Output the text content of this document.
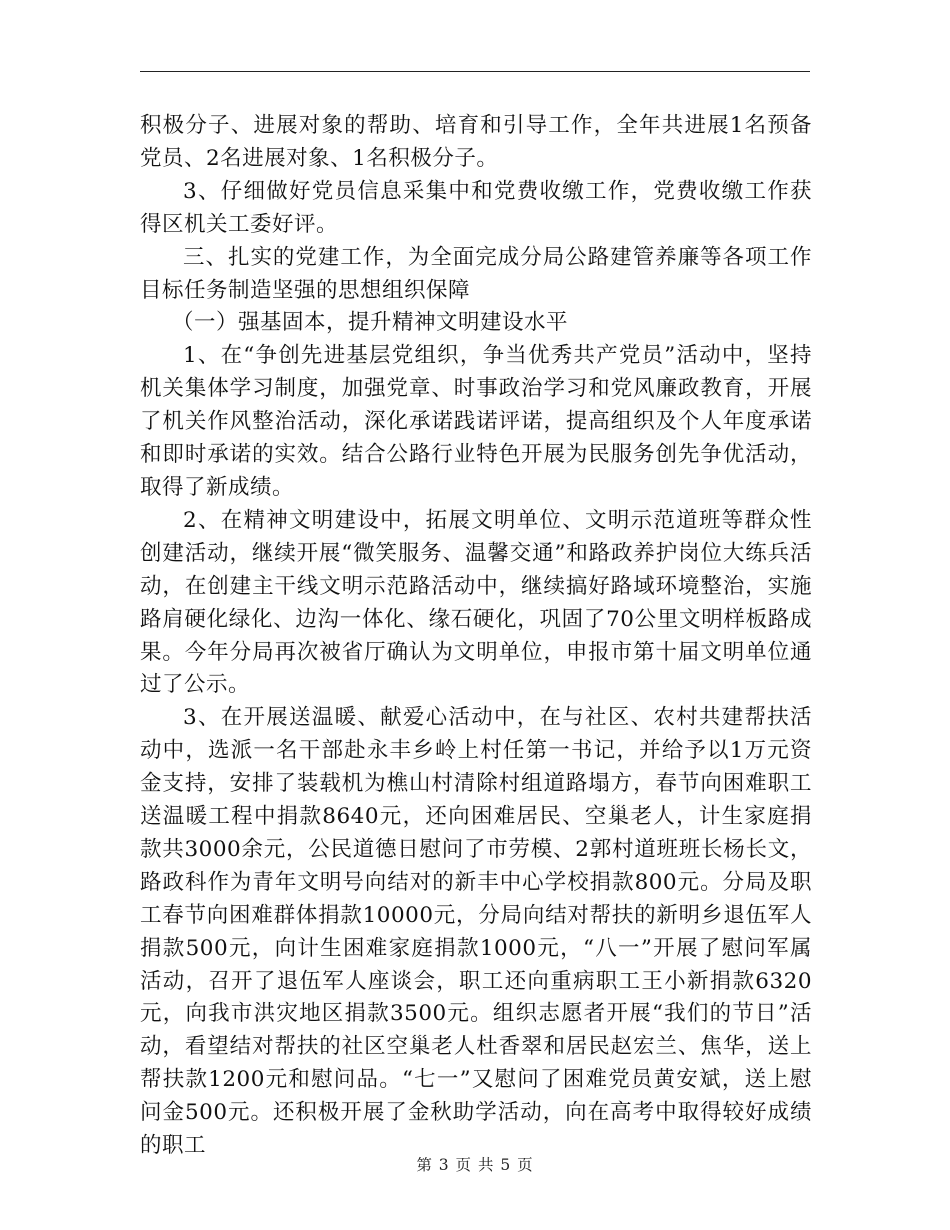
积极分子、进展对象的帮助、培育和引导工作，全年共进展1名预备党员、2名进展对象、1名积极分子。

3、仔细做好党员信息采集中和党费收缴工作，党费收缴工作获得区机关工委好评。

三、扎实的党建工作，为全面完成分局公路建管养廉等各项工作目标任务制造坚强的思想组织保障

（一）强基固本，提升精神文明建设水平

1、在“争创先进基层党组织，争当优秀共产党员”活动中，坚持机关集体学习制度，加强党章、时事政治学习和党风廉政教育，开展了机关作风整治活动，深化承诺践诺评诺，提高组织及个人年度承诺和即时承诺的实效。结合公路行业特色开展为民服务创先争优活动，取得了新成绩。

2、在精神文明建设中，拓展文明单位、文明示范道班等群众性创建活动，继续开展“微笑服务、温馨交通”和路政养护岗位大练兵活动，在创建主干线文明示范路活动中，继续搞好路域环境整治，实施路肩硬化绿化、边沟一体化、缘石硬化，巩固了70公里文明样板路成果。今年分局再次被省厅确认为文明单位，申报市第十届文明单位通过了公示。

3、在开展送温暖、献爱心活动中，在与社区、农村共建帮扶活动中，选派一名干部赴永丰乡岭上村任第一书记，并给予以1万元资金支持，安排了装载机为樵山村清除村组道路塌方，春节向困难职工送温暖工程中捐款8640元，还向困难居民、空巢老人，计生家庭捐款共3000余元，公民道德日慰问了市劳模、2郭村道班班长杨长文，路政科作为青年文明号向结对的新丰中心学校捐款800元。分局及职工春节向困难群体捐款10000元，分局向结对帮扶的新明乡退伍军人捐款500元，向计生困难家庭捐款1000元，“八一”开展了慰问军属活动，召开了退伍军人座谈会，职工还向重病职工王小新捐款6320元，向我市洪灾地区捐款3500元。组织志愿者开展“我们的节日”活动，看望结对帮扶的社区空巢老人杜香翠和居民赵宏兰、焦华，送上帮扶款1200元和慰问品。“七一”又慰问了困难党员黄安斌，送上慰问金500元。还积极开展了金秋助学活动，向在高考中取得较好成绩的职工

第 3 页 共 5 页
